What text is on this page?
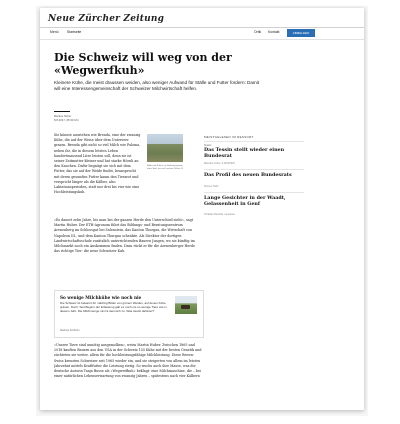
Neue Zürcher Zeitung
Menü	Startseite	Ortik Kontakt	ABMELDEN
Die Schweiz will weg von der «Wegwerfkuh»

Kleinere Kühe, die meist draussen weiden, also weniger Aufwand für Ställe und Futter fordern: Damit will eine Interessengemeinschaft der Schweizer Milchwirtschaft helfen.

Markus Scher
8.8.2017, 05:30 Uhr

Sie könnte ausstehen wie Brenda, eine der zwanzig Kühe, die auf der Weise über dem Unterseer grasen. Brenda gibt nicht so viel Milch wie Paloma, neben ihr, die in diesem letzten Leben hundertmassend Liter leisten soll, denn sie ist seiner Zeitmutter kleiner und hat starke Hörnli an den Knochen. Dafür begnügt sie sich mit dem Futter, das sie auf der Weide findet, beansprucht mit deren gesunden Futter kaum den Tierarzt und verspricht länger als die Kälber, also Laktationsperioden, statt nur drei bis vier wie eine Hochleistungskuh.

Bilder mit Kühen, im Haltungssystem ohne Stall, mit viel Laufzeit, Wiese 11

«Es dauert zehn Jahre, bis man bei der ganzen Herde den Unterschied sieht», sagt Martin Huber. Der ETH-Agronom führt das Bildungs- und Beratungszentrum Arenenberg im Schlossgut bei Salenstein, das Kanton Thurgau, die Wirtschaft von Napoleon III., und dem Kanton Thurgau schenkte. Als Direktor der dortigen Landwirtschaftsschule zusätzlich unterrichtenden Bauern Jungen, wo sie künftig im Milchmarkt noch ein Auskommen finden. Dazu rückt er für die Arenenberger Herde das richtige Tier: die neue Schweizer Kuh.

So wenige Milchkühe wie noch nie
Die Schweiz ist bekannt für mächtig Bilder von grünen Weiden, auf denen Kühe grasen. Doch: Seit Beginn der Erfassung gab es noch nie so wenige Tiere wie in diesem Jahr. Die Milchmenge nimmt dennoch zu. Was steckt dahinter?
Matthias Zehlhofer

«Unsere Tiere sind unnötig ausgemolken», weiss Martin Huber. Zwischen 1865 und 2018 kauften Bauern aus den USA in der Schweiz 155 Kühe mit der besten Genetik und züchteten sie weiter, allein für die hochleistungsfähige Milchleistung. Diese Brown-Swiss kreuzten Schweizer seit 1965 wieder ein, und sie steigerten von allem im letzten Jahrzehnt mittels Kraftfutter die Leistung stetig. So wuchs auch ihre Masse, was die deutsche Autorin Tanja Busse als «Wegwerfkuh» beklagt: eine Milchmaschine, die – bei einer natürlichen Lebenserwartung von zwanzig Jahren – spätestens nach vier Kälbern

MEISTGELESEN IM RESSORT
Tessin
Das Tessin stellt wieder einen Bundesrat
Marcello Cottis / 3 WOCHEN
Das Profil des neuen Bundesrats
Simone Hahn
Lange Gesichter in der Waadt, Gelassenheit in Genf
Christian Reschlis, Lausanne
